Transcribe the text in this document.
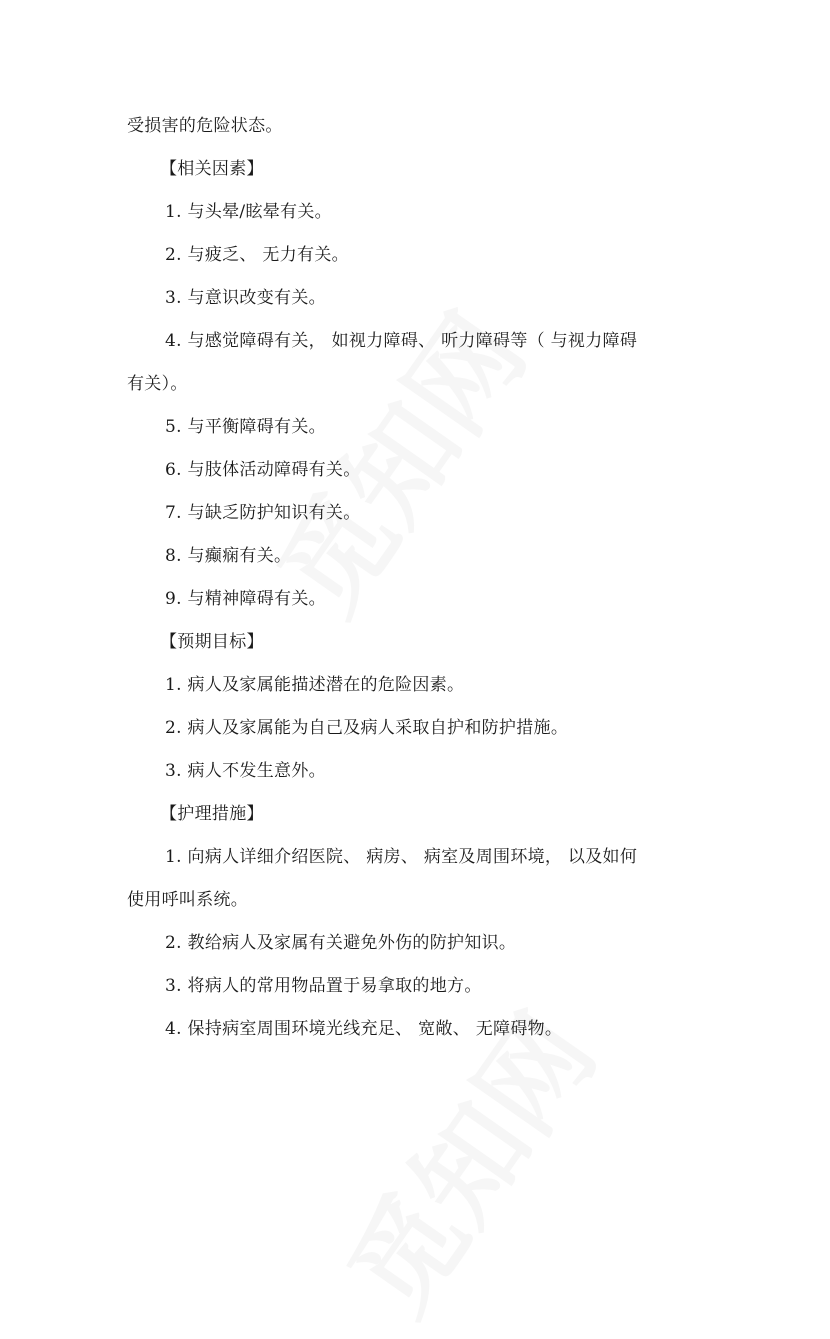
受损害的危险状态。
【相关因素】
1. 与头晕/眩晕有关。
2. 与疲乏、 无力有关。
3. 与意识改变有关。
4. 与感觉障碍有关， 如视力障碍、 听力障碍等（ 与视力障碍
有关）。
5. 与平衡障碍有关。
6. 与肢体活动障碍有关。
7. 与缺乏防护知识有关。
8. 与癫痫有关。
9. 与精神障碍有关。
【预期目标】
1. 病人及家属能描述潜在的危险因素。
2. 病人及家属能为自己及病人采取自护和防护措施。
3. 病人不发生意外。
【护理措施】
1. 向病人详细介绍医院、 病房、 病室及周围环境， 以及如何
使用呼叫系统。
2. 教给病人及家属有关避免外伤的防护知识。
3. 将病人的常用物品置于易拿取的地方。
4. 保持病室周围环境光线充足、 宽敞、 无障碍物。
